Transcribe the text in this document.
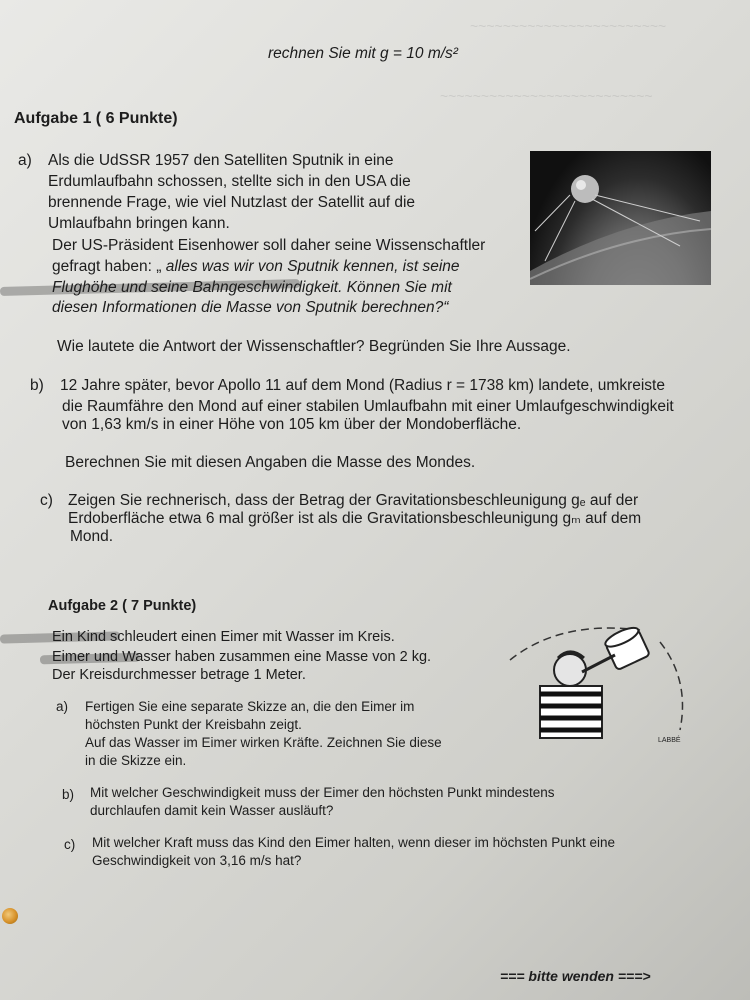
~~~~~~~~~~~~~~~~~~~~~~~~
~~~~~~~~~~~~~~~~~~~~~~~~~~
rechnen Sie mit g = 10 m/s²
Aufgabe 1 ( 6 Punkte)
a) Als die UdSSR 1957 den Satelliten Sputnik in eine
Erdumlaufbahn schossen, stellte sich in den USA die
brennende Frage, wie viel Nutzlast der Satellit auf die
Umlaufbahn bringen kann.
Der US-Präsident Eisenhower soll daher seine Wissenschaftler
gefragt haben: „ alles was wir von Sputnik kennen, ist seine
Flughöhe und seine Bahngeschwindigkeit. Können Sie mit
diesen Informationen die Masse von Sputnik berechnen?“
Wie lautete die Antwort der Wissenschaftler? Begründen Sie Ihre Aussage.
b) 12 Jahre später, bevor Apollo 11 auf dem Mond (Radius r = 1738 km) landete, umkreiste
die Raumfähre den Mond auf einer stabilen Umlaufbahn mit einer Umlaufgeschwindigkeit
von 1,63 km/s in einer Höhe von 105 km über der Mondoberfläche.
Berechnen Sie mit diesen Angaben die Masse des Mondes.
c) Zeigen Sie rechnerisch, dass der Betrag der Gravitationsbeschleunigung gₑ auf der
Erdoberfläche etwa 6 mal größer ist als die Gravitationsbeschleunigung gₘ auf dem
Mond.
Aufgabe 2 ( 7 Punkte)
Ein Kind schleudert einen Eimer mit Wasser im Kreis.
Eimer und Wasser haben zusammen eine Masse von 2 kg.
Der Kreisdurchmesser betrage 1 Meter.
a) Fertigen Sie eine separate Skizze an, die den Eimer im
höchsten Punkt der Kreisbahn zeigt.
Auf das Wasser im Eimer wirken Kräfte. Zeichnen Sie diese
in die Skizze ein.
LABBÉ
b) Mit welcher Geschwindigkeit muss der Eimer den höchsten Punkt mindestens
durchlaufen damit kein Wasser ausläuft?
c) Mit welcher Kraft muss das Kind den Eimer halten, wenn dieser im höchsten Punkt eine
Geschwindigkeit von 3,16 m/s hat?
=== bitte wenden ===>
